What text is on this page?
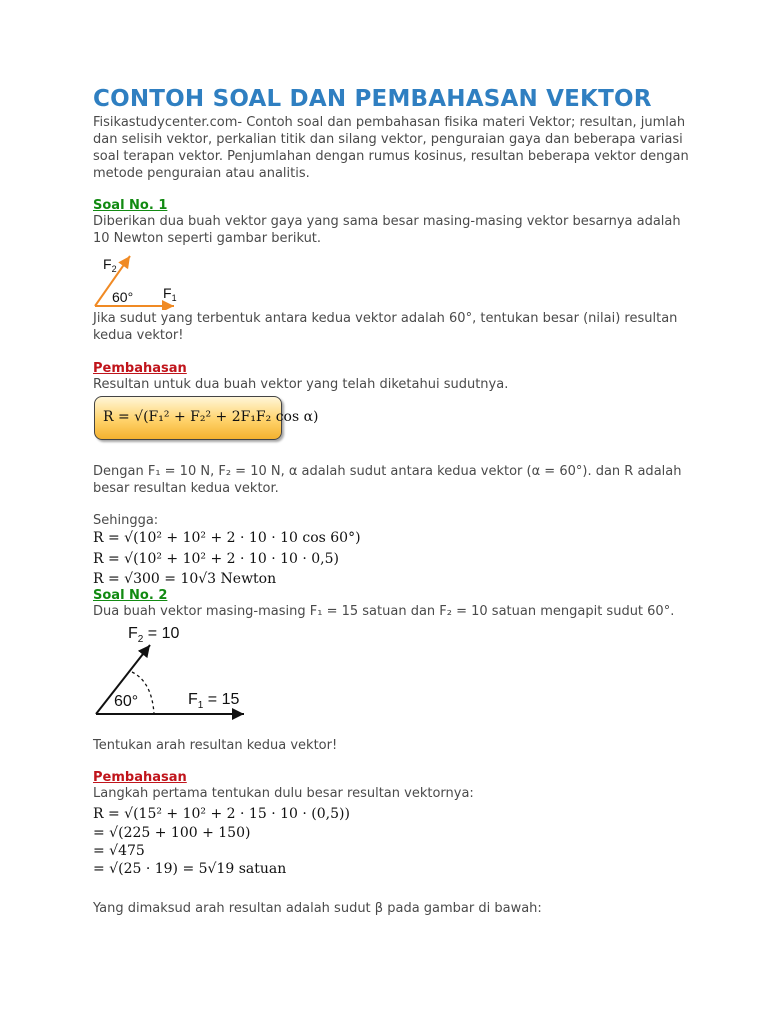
CONTOH SOAL DAN PEMBAHASAN VEKTOR
Fisikastudycenter.com- Contoh soal dan pembahasan fisika materi Vektor; resultan, jumlah dan selisih vektor, perkalian titik dan silang vektor, penguraian gaya dan beberapa variasi soal terapan vektor. Penjumlahan dengan rumus kosinus, resultan beberapa vektor dengan metode penguraian atau analitis.
Soal No. 1
Diberikan dua buah vektor gaya yang sama besar masing-masing vektor besarnya adalah 10 Newton seperti gambar berikut.
$F_2$
60° $F_1$
Jika sudut yang terbentuk antara kedua vektor adalah 60°, tentukan besar (nilai) resultan kedua vektor!
Pembahasan
Resultan untuk dua buah vektor yang telah diketahui sudutnya.
R = √(F₁² + F₂² + 2F₁F₂ cos α)
Dengan F₁ = 10 N, F₂ = 10 N, α adalah sudut antara kedua vektor (α = 60°). dan R adalah besar resultan kedua vektor.
Sehingga:
R = √(10² + 10² + 2 · 10 · 10 cos 60°)
R = √(10² + 10² + 2 · 10 · 10 · 0,5)
R = √300 = 10√3 Newton
Soal No. 2
Dua buah vektor masing-masing F₁ = 15 satuan dan F₂ = 10 satuan mengapit sudut 60°.
$F_2 = 10$
60°	$F_1 = 15$
Tentukan arah resultan kedua vektor!
Pembahasan
Langkah pertama tentukan dulu besar resultan vektornya:
R = √(15² + 10² + 2 · 15 · 10 · (0,5))
= √(225 + 100 + 150)
= √475
= √(25 · 19) = 5√19 satuan
Yang dimaksud arah resultan adalah sudut β pada gambar di bawah:
